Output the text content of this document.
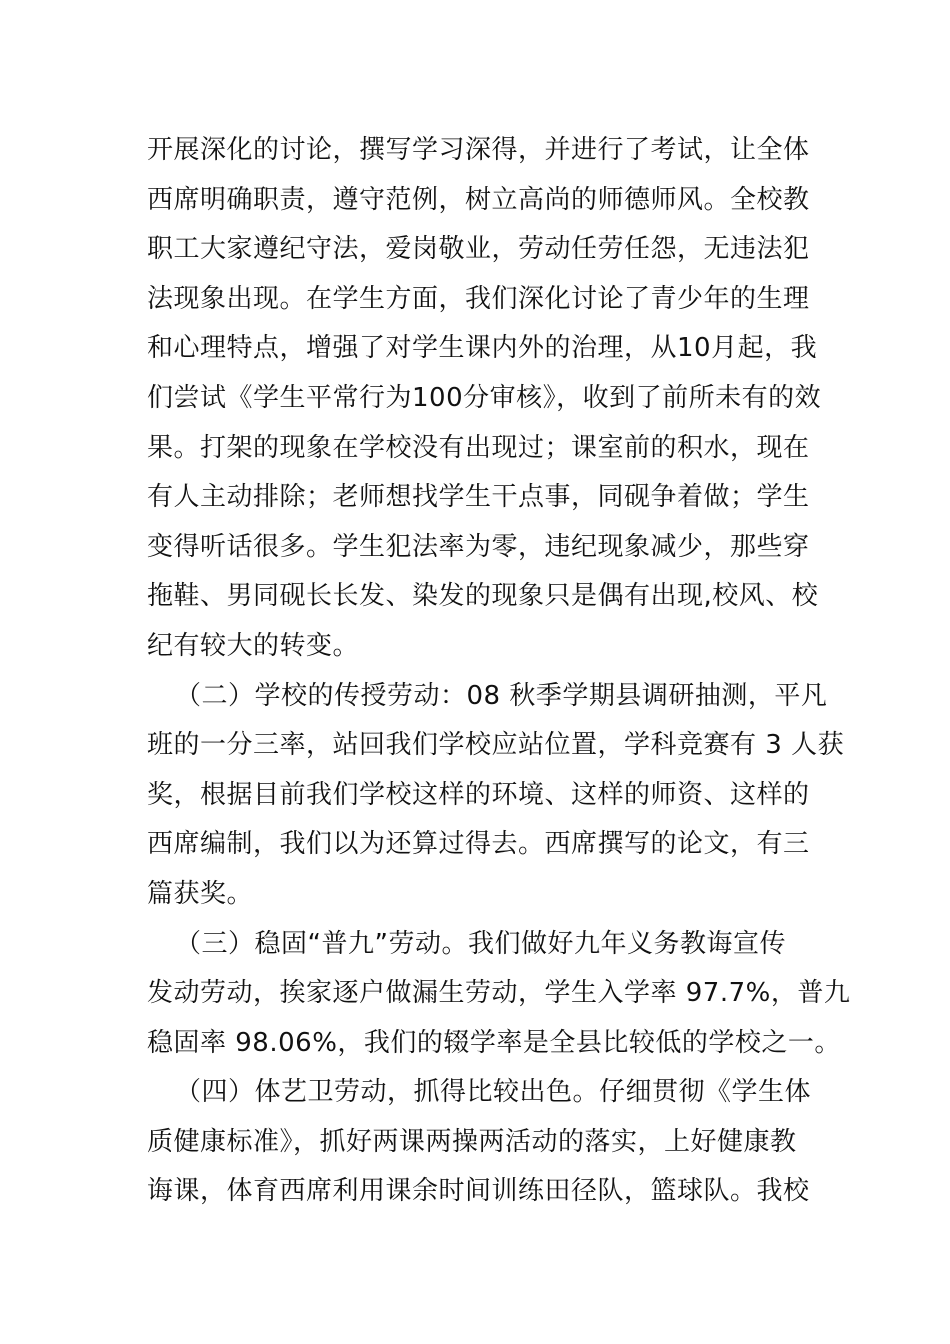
开展深化的讨论，撰写学习深得，并进行了考试，让全体
西席明确职责，遵守范例，树立高尚的师德师风。全校教
职工大家遵纪守法，爱岗敬业，劳动任劳任怨，无违法犯
法现象出现。在学生方面，我们深化讨论了青少年的生理
和心理特点，增强了对学生课内外的治理，从10月起，我
们尝试《学生平常行为100分审核》，收到了前所未有的效
果。打架的现象在学校没有出现过；课室前的积水，现在
有人主动排除；老师想找学生干点事，同砚争着做；学生
变得听话很多。学生犯法率为零，违纪现象减少，那些穿
拖鞋、男同砚长长发、染发的现象只是偶有出现,校风、校
纪有较大的转变。
（二）学校的传授劳动：08 秋季学期县调研抽测，平凡
班的一分三率，站回我们学校应站位置，学科竞赛有 3 人获
奖，根据目前我们学校这样的环境、这样的师资、这样的
西席编制，我们以为还算过得去。西席撰写的论文，有三
篇获奖。
（三）稳固“普九”劳动。我们做好九年义务教诲宣传
发动劳动，挨家逐户做漏生劳动，学生入学率 97.7%，普九
稳固率 98.06%，我们的辍学率是全县比较低的学校之一。
（四）体艺卫劳动，抓得比较出色。仔细贯彻《学生体
质健康标准》，抓好两课两操两活动的落实，上好健康教
诲课，体育西席利用课余时间训练田径队，篮球队。我校
